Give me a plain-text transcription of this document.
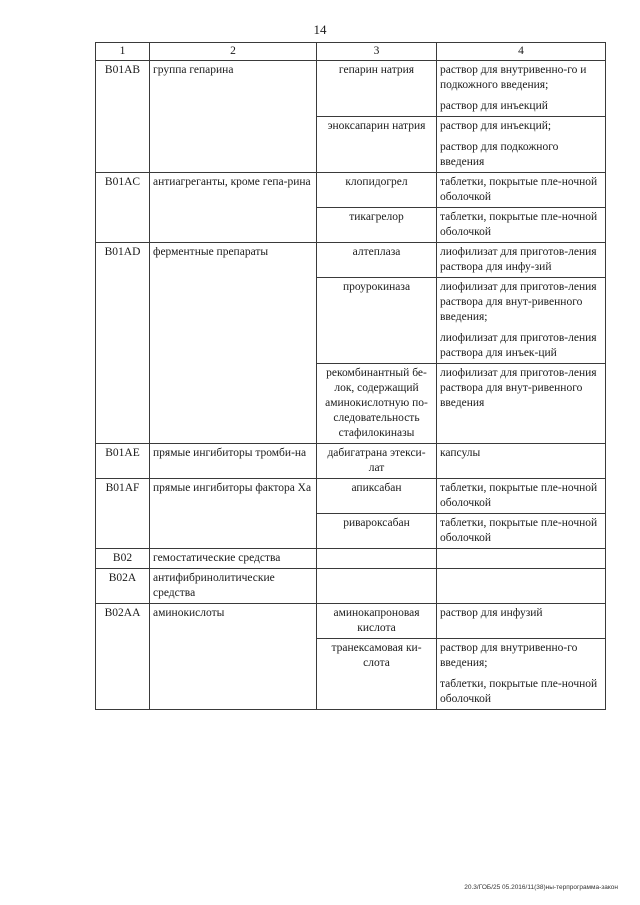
14
1	2	3	4
B01AB	группа гепарина	гепарин натрия	раствор для внутривенно-го и подкожного введения;
раствор для инъекций

		эноксапарин натрия	раствор для инъекций;
раствор для подкожного введения

B01AC	антиагреганты, кроме гепа-рина	клопидогрел	таблетки, покрытые пле-ночной оболочкой

		тикагрелор	таблетки, покрытые пле-ночной оболочкой

B01AD	ферментные препараты	алтеплаза	лиофилизат для приготов-ления раствора для инфу-зий

		проурокиназа	лиофилизат для приготов-ления раствора для внут-ривенного введения;
лиофилизат для приготов-ления раствора для инъек-ций

		рекомбинантный бе-лок, содержащий аминокислотную по-следовательность стафилокиназы	лиофилизат для приготов-ления раствора для внут-ривенного введения

B01AE	прямые ингибиторы тромби-на	дабигатрана этекси-лат	капсулы

B01AF	прямые ингибиторы фактора Xa	апиксабан	таблетки, покрытые пле-ночной оболочкой

		ривароксабан	таблетки, покрытые пле-ночной оболочкой

B02	гемостатические средства		

B02A	антифибринолитические средства		

B02AA	аминокислоты	аминокапроновая кислота	раствор для инфузий

		транексамовая ки-слота	раствор для внутривенно-го введения;
таблетки, покрытые пле-ночной оболочкой
20.3/ГОБ/25 05.2016/11(38)ны-терпрограмма-закон
